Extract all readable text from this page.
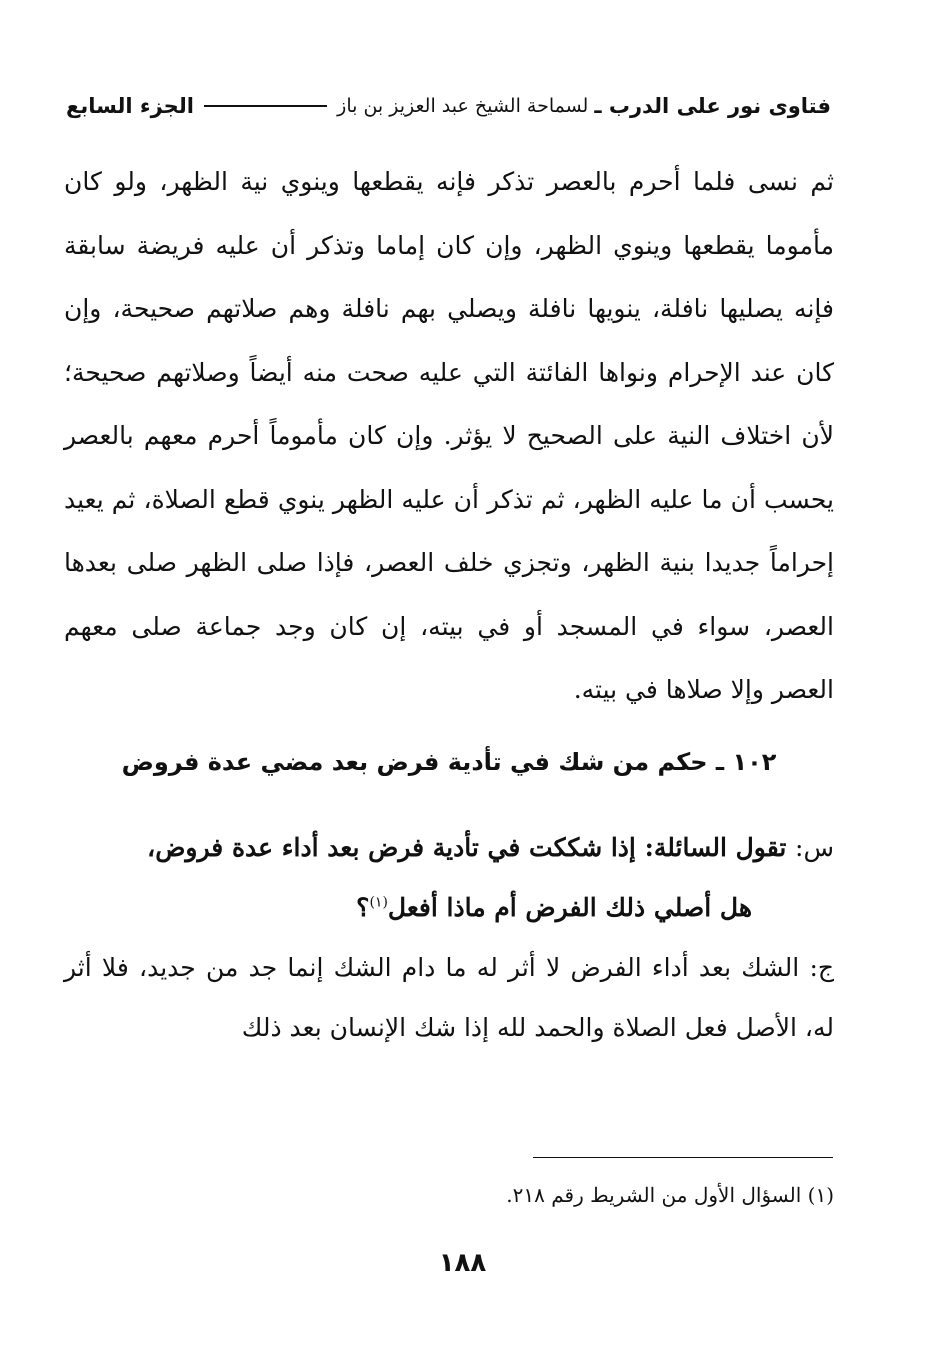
فتاوى نور على الدرب ـ
لسماحة الشيخ عبد العزيز بن باز
الجزء السابع

ثم نسى فلما أحرم بالعصر تذكر فإنه يقطعها وينوي نية الظهر، ولو كان مأموما يقطعها وينوي الظهر، وإن كان إماما وتذكر أن عليه فريضة سابقة فإنه يصليها نافلة، ينويها نافلة ويصلي بهم نافلة وهم صلاتهم صحيحة، وإن كان عند الإحرام ونواها الفائتة التي عليه صحت منه أيضاً وصلاتهم صحيحة؛ لأن اختلاف النية على الصحيح لا يؤثر. وإن كان مأموماً أحرم معهم بالعصر يحسب أن ما عليه الظهر، ثم تذكر أن عليه الظهر ينوي قطع الصلاة، ثم يعيد إحراماً جديدا بنية الظهر، وتجزي خلف العصر، فإذا صلى الظهر صلى بعدها العصر، سواء في المسجد أو في بيته، إن كان وجد جماعة صلى معهم العصر وإلا صلاها في بيته.

١٠٢ ـ حكم من شك في تأدية فرض بعد مضي عدة فروض

س: تقول السائلة: إذا شككت في تأدية فرض بعد أداء عدة فروض،
هل أصلي ذلك الفرض أم ماذا أفعل$^{(١)}$؟

ج: الشك بعد أداء الفرض لا أثر له ما دام الشك إنما جد من جديد، فلا أثر له، الأصل فعل الصلاة والحمد لله إذا شك الإنسان بعد ذلك

(١) السؤال الأول من الشريط رقم ٢١٨.
١٨٨
